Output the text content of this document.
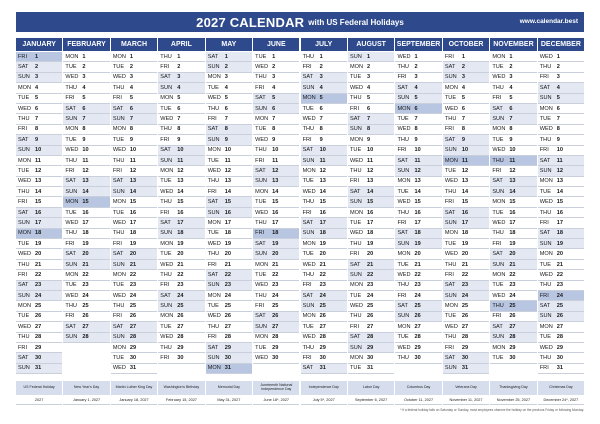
2027 CALENDAR with US Federal Holidays	www.calendar.best
JANUARY
FRI	1
SAT	2
SUN 3
MON 4
TUE	5
WED 6
THU 7
FRI	8
SAT	9
SUN 10
MON 11
TUE	12
WED 13
THU 14
FRI	15
SAT	16
SUN 17
MON 18
TUE	19
WED 20
THU 21
FRI	22
SAT	23
SUN 24
MON 25
TUE	26
WED 27
THU 28
FRI	29
SAT	30
SUN 31
FEBRUARY
MON 1
TUE	2
WED 3
THU 4
FRI	5
SAT	6
SUN 7
MON 8
TUE	9
WED 10
THU 11
FRI	12
SAT	13
SUN 14
MON 15
TUE	16
WED 17
THU 18
FRI	19
SAT	20
SUN 21
MON 22
TUE	23
WED 24
THU 25
FRI	26
SAT	27
SUN 28
MARCH
MON 1
TUE	2
WED 3
THU 4
FRI	5
SAT	6
SUN 7
MON 8
TUE	9
WED 10
THU 11
FRI	12
SAT	13
SUN 14
MON 15
TUE	16
WED 17
THU 18
FRI	19
SAT	20
SUN 21
MON 22
TUE	23
WED 24
THU 25
FRI	26
SAT	27
SUN 28
MON 29
TUE	30
WED 31
APRIL
THU 1
FRI	2
SAT	3
SUN 4
MON 5
TUE	6
WED 7
THU 8
FRI	9
SAT	10
SUN 11
MON 12
TUE	13
WED 14
THU 15
FRI	16
SAT	17
SUN 18
MON 19
TUE	20
WED 21
THU 22
FRI	23
SAT	24
SUN 25
MON 26
TUE	27
WED 28
THU 29
FRI	30
MAY
SAT	1
SUN 2
MON 3
TUE	4
WED 5
THU 6
FRI	7
SAT	8
SUN 9
MON 10
TUE	11
WED 12
THU 13
FRI	14
SAT	15
SUN 16
MON 17
TUE	18
WED 19
THU 20
FRI	21
SAT	22
SUN 23
MON 24
TUE	25
WED 26
THU 27
FRI	28
SAT	29
SUN 30
MON 31
JUNE
TUE	1
WED 2
THU 3
FRI	4
SAT	5
SUN 6
MON 7
TUE	8
WED 9
THU 10
FRI	11
SAT	12
SUN 13
MON 14
TUE	15
WED 16
THU 17
FRI	18
SAT	19
SUN 20
MON 21
TUE	22
WED 23
THU 24
FRI	25
SAT	26
SUN 27
MON 28
TUE	29
WED 30
JULY
THU 1
FRI	2
SAT	3
SUN 4
MON 5
TUE	6
WED 7
THU 8
FRI	9
SAT	10
SUN 11
MON 12
TUE	13
WED 14
THU 15
FRI	16
SAT	17
SUN 18
MON 19
TUE	20
WED 21
THU 22
FRI	23
SAT	24
SUN 25
MON 26
TUE	27
WED 28
THU 29
FRI	30
SAT	31
AUGUST
SUN 1
MON 2
TUE	3
WED 4
THU 5
FRI	6
SAT	7
SUN 8
MON 9
TUE	10
WED 11
THU 12
FRI	13
SAT	14
SUN 15
MON 16
TUE	17
WED 18
THU 19
FRI	20
SAT	21
SUN 22
MON 23
TUE	24
WED 25
THU 26
FRI	27
SAT	28
SUN 29
MON 30
TUE	31
SEPTEMBER
WED 1
THU 2
FRI	3
SAT	4
SUN 5
MON 6
TUE	7
WED 8
THU 9
FRI	10
SAT	11
SUN 12
MON 13
TUE	14
WED 15
THU 16
FRI	17
SAT	18
SUN 19
MON 20
TUE	21
WED 22
THU 23
FRI	24
SAT	25
SUN 26
MON 27
TUE	28
WED 29
THU 30
OCTOBER
FRI	1
SAT	2
SUN 3
MON 4
TUE	5
WED 6
THU 7
FRI	8
SAT	9
SUN 10
MON 11
TUE	12
WED 13
THU 14
FRI	15
SAT	16
SUN 17
MON 18
TUE	19
WED 20
THU 21
FRI	22
SAT	23
SUN 24
MON 25
TUE	26
WED 27
THU 28
FRI	29
SAT	30
SUN 31
NOVEMBER
MON 1
TUE	2
WED 3
THU 4
FRI	5
SAT	6
SUN 7
MON 8
TUE	9
WED 10
THU 11
FRI	12
SAT	13
SUN 14
MON 15
TUE	16
WED 17
THU 18
FRI	19
SAT	20
SUN 21
MON 22
TUE	23
WED 24
THU 25
FRI	26
SAT	27
SUN 28
MON 29
TUE	30
DECEMBER
WED 1
THU 2
FRI	3
SAT	4
SUN 5
MON 6
TUE	7
WED 8
THU 9
FRI	10
SAT	11
SUN 12
MON 13
TUE	14
WED 15
THU 16
FRI	17
SAT	18
SUN 19
MON 20
TUE	21
WED 22
THU 23
FRI	24
SAT	25
SUN 26
MON 27
TUE	28
WED 29
THU 30
FRI	31
US Federal Holiday
2027
New Year's Day
January 1, 2027
Martin Luther King Day
January 18, 2027
Washington's Birthday
February 15, 2027
Memorial Day
May 31, 2027
Juneteenth National Independence Day
June 18*, 2027
Independence Day
July 5*, 2027
Labor Day
September 6, 2027
Columbus Day
October 11, 2027
Veterans Day
November 11, 2027
Thanksgiving Day
November 25, 2027
Christmas Day
December 24*, 2027
* If a federal holiday falls on Saturday or Sunday, most employees observe the holiday on the previous Friday or following Monday.
